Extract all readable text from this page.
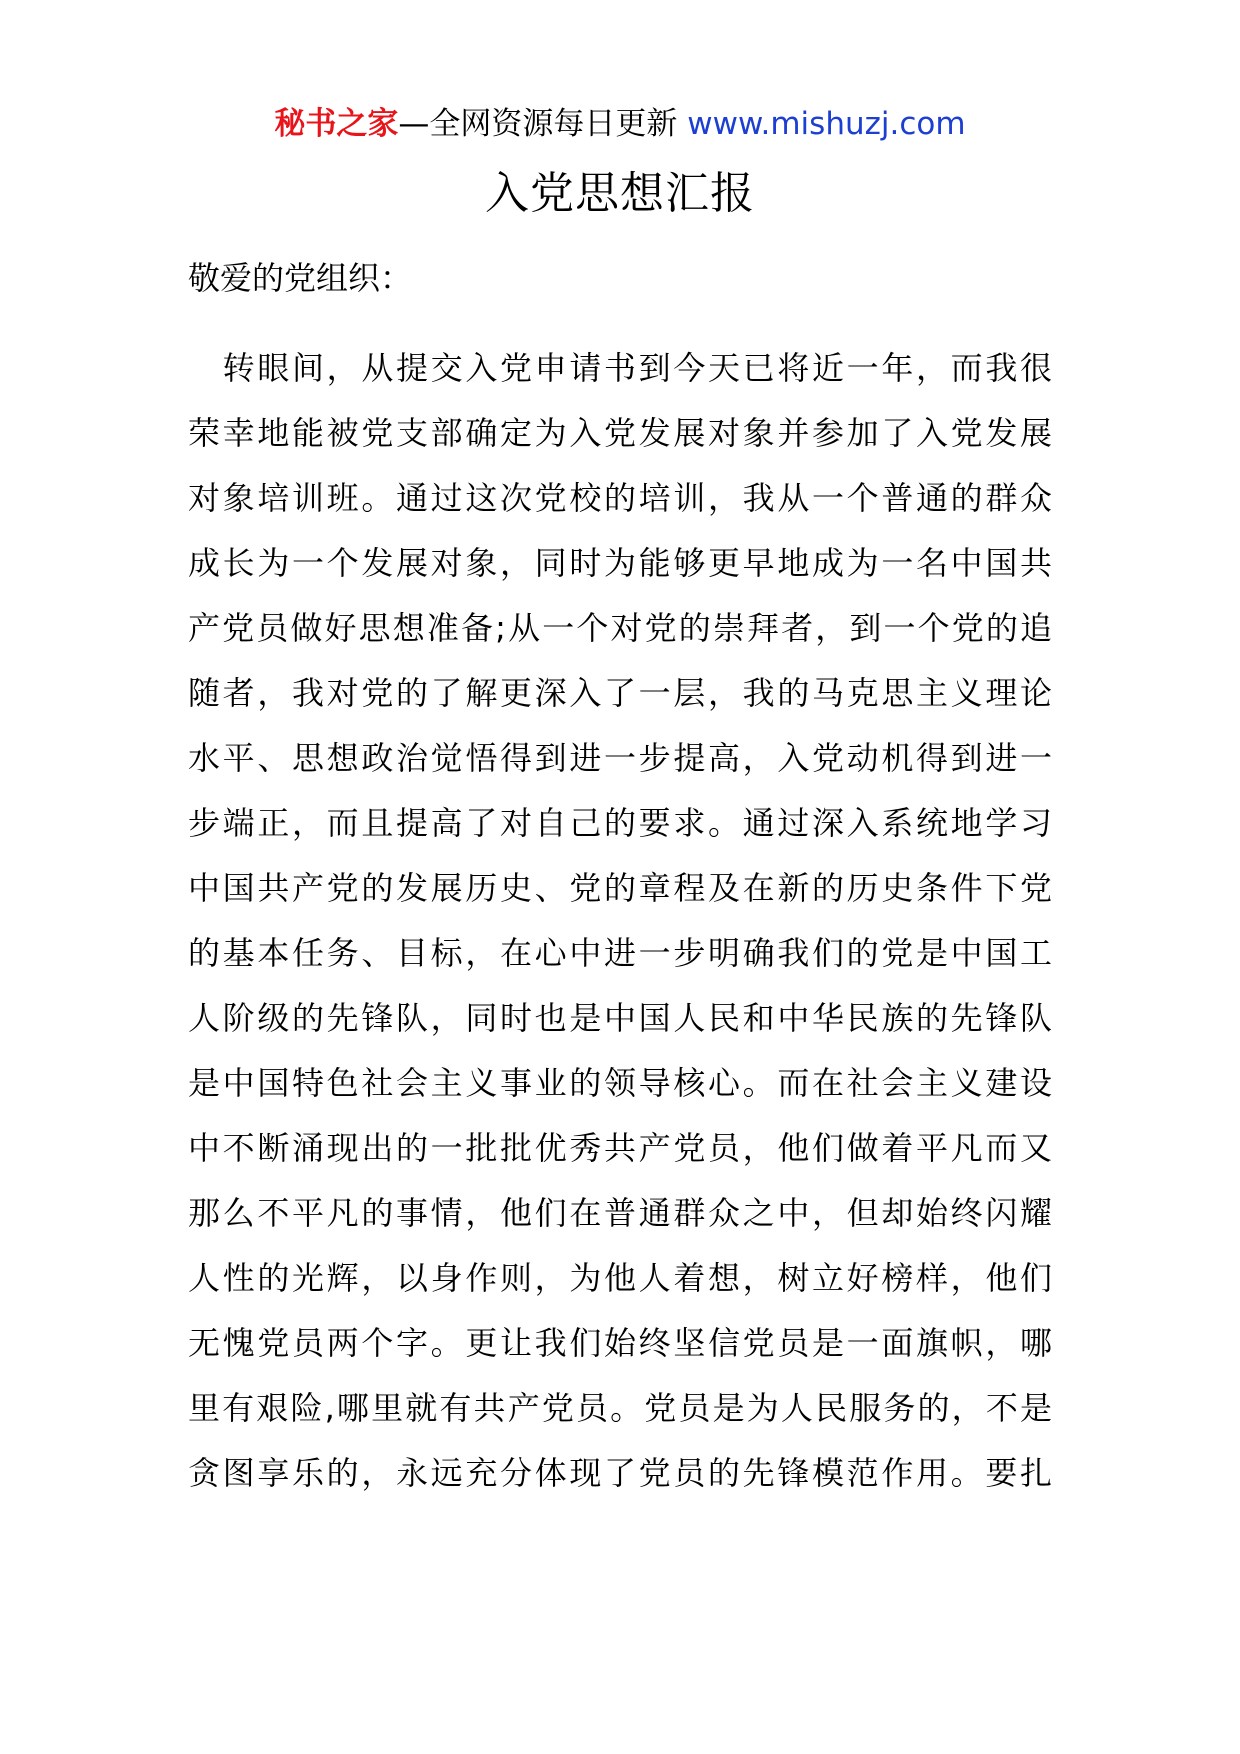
秘书之家—全网资源每日更新 www.mishuzj.com
入党思想汇报

敬爱的党组织：

　转眼间，从提交入党申请书到今天已将近一年，而我很
荣幸地能被党支部确定为入党发展对象并参加了入党发展
对象培训班。通过这次党校的培训，我从一个普通的群众
成长为一个发展对象，同时为能够更早地成为一名中国共
产党员做好思想准备;从一个对党的崇拜者，到一个党的追
随者，我对党的了解更深入了一层，我的马克思主义理论
水平、思想政治觉悟得到进一步提高，入党动机得到进一
步端正，而且提高了对自己的要求。通过深入系统地学习
中国共产党的发展历史、党的章程及在新的历史条件下党
的基本任务、目标，在心中进一步明确我们的党是中国工
人阶级的先锋队，同时也是中国人民和中华民族的先锋队
是中国特色社会主义事业的领导核心。而在社会主义建设
中不断涌现出的一批批优秀共产党员，他们做着平凡而又
那么不平凡的事情，他们在普通群众之中，但却始终闪耀
人性的光辉，以身作则，为他人着想，树立好榜样，他们
无愧党员两个字。更让我们始终坚信党员是一面旗帜，哪
里有艰险,哪里就有共产党员。党员是为人民服务的，不是
贪图享乐的，永远充分体现了党员的先锋模范作用。要扎
